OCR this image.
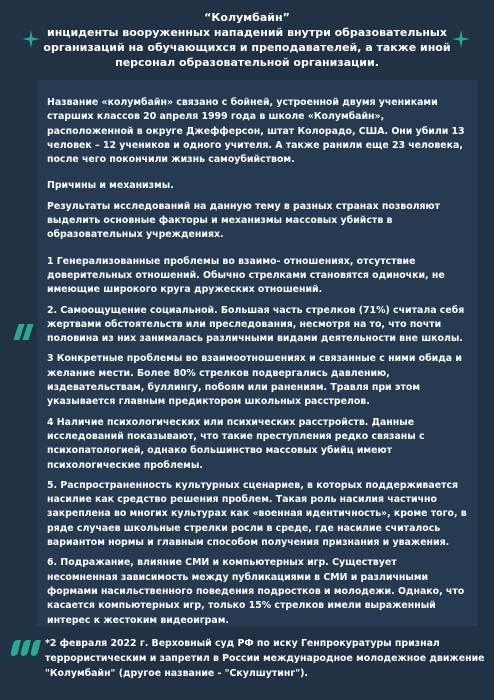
“Колумбайн”
инциденты вооруженных нападений внутри образовательных
организаций на обучающихся и преподавателей, а также иной
персонал образовательной организации.

Название «колумбайн» связано с бойней, устроенной двумя учениками старших классов 20 апреля 1999 года в школе «Колумбайн», расположенной в округе Джефферсон, штат Колорадо, США. Они убили 13 человек – 12 учеников и одного учителя. А также ранили еще 23 человека, после чего покончили жизнь самоубийством.

Причины и механизмы.

Результаты исследований на данную тему в разных странах позволяют выделить основные факторы и механизмы массовых убийств в образовательных учреждениях.

1 Генерализованные проблемы во взаимо- отношениях, отсутствие доверительных отношений. Обычно стрелками становятся одиночки, не имеющие широкого круга дружеских отношений.

2. Самоощущение социальной. Большая часть стрелков (71%) считала себя жертвами обстоятельств или преследования, несмотря на то, что почти половина из них занималась различными видами деятельности вне школы.

3 Конкретные проблемы во взаимоотношениях и связанные с ними обида и желание мести. Более 80% стрелков подвергались давлению, издевательствам, буллингу, побоям или ранениям. Травля при этом указывается главным предиктором школьных расстрелов.

4 Наличие психологических или психических расстройств. Данные исследований показывают, что такие преступления редко связаны с психопатологией, однако большинство массовых убийц имеют психологические проблемы.

5. Распространенность культурных сценариев, в которых поддерживается насилие как средство решения проблем. Такая роль насилия частично закреплена во многих культурах как «военная идентичность», кроме того, в ряде случаев школьные стрелки росли в среде, где насилие считалось вариантом нормы и главным способом получения признания и уважения.

6. Подражание, влияние СМИ и компьютерных игр. Существует несомненная зависимость между публикациями в СМИ и различными формами насильственного поведения подростков и молодежи. Однако, что касается компьютерных игр, только 15% стрелков имели выраженный интерес к жестоким видеоиграм.

*2 февраля 2022 г. Верховный суд РФ по иску Генпрокуратуры признал террористическим и запретил в России международное молодежное движение "Колумбайн" (другое название - "Скулшутинг").
